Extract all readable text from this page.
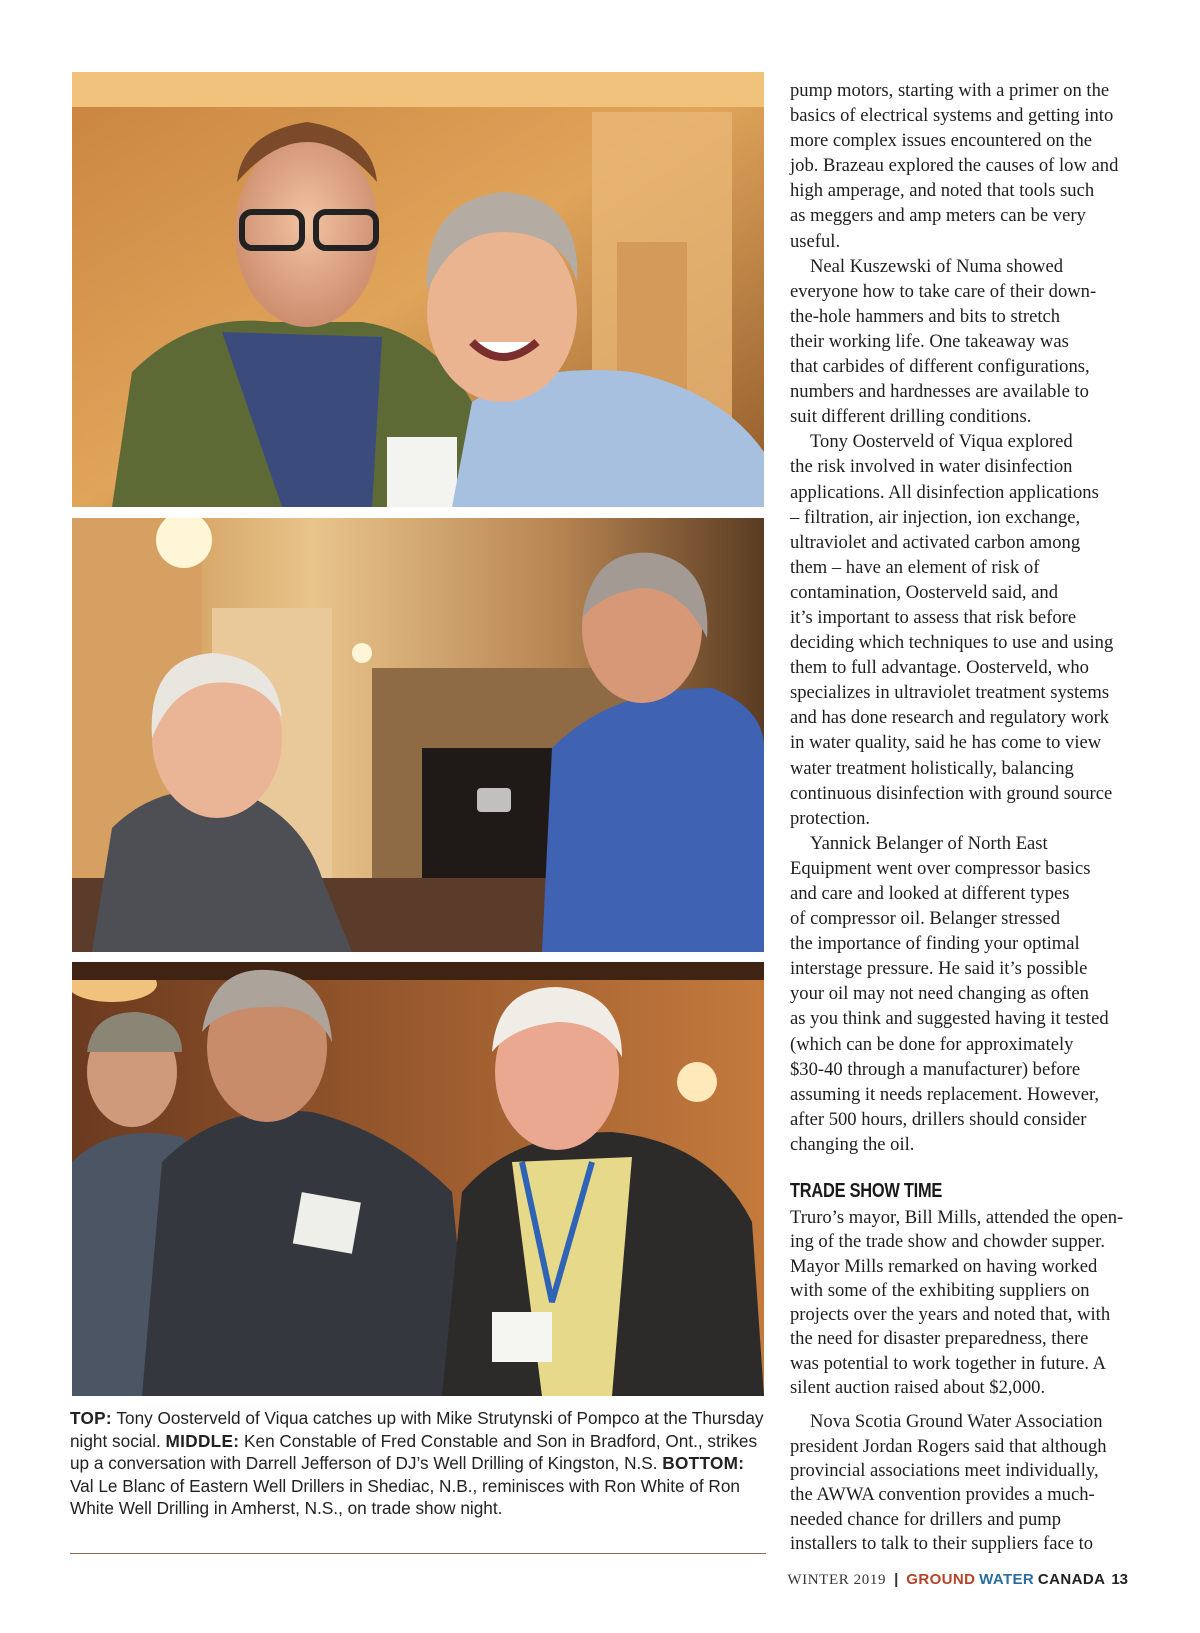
TOP: Tony Oosterveld of Viqua catches up with Mike Strutynski of Pompco at the Thursday night social. MIDDLE: Ken Constable of Fred Constable and Son in Bradford, Ont., strikes up a conversation with Darrell Jefferson of DJ’s Well Drilling of Kingston, N.S. BOTTOM: Val Le Blanc of Eastern Well Drillers in Shediac, N.B., reminisces with Ron White of Ron White Well Drilling in Amherst, N.S., on trade show night.

pump motors, starting with a primer on the
basics of electrical systems and getting into
more complex issues encountered on the
job. Brazeau explored the causes of low and
high amperage, and noted that tools such
as meggers and amp meters can be very
useful.
Neal Kuszewski of Numa showed
everyone how to take care of their down-
the-hole hammers and bits to stretch
their working life. One takeaway was
that carbides of different configurations,
numbers and hardnesses are available to
suit different drilling conditions.
Tony Oosterveld of Viqua explored
the risk involved in water disinfection
applications. All disinfection applications
– filtration, air injection, ion exchange,
ultraviolet and activated carbon among
them – have an element of risk of
contamination, Oosterveld said, and
it’s important to assess that risk before
deciding which techniques to use and using
them to full advantage. Oosterveld, who
specializes in ultraviolet treatment systems
and has done research and regulatory work
in water quality, said he has come to view
water treatment holistically, balancing
continuous disinfection with ground source
protection.
Yannick Belanger of North East
Equipment went over compressor basics
and care and looked at different types
of compressor oil. Belanger stressed
the importance of finding your optimal
interstage pressure. He said it’s possible
your oil may not need changing as often
as you think and suggested having it tested
(which can be done for approximately
$30-40 through a manufacturer) before
assuming it needs replacement. However,
after 500 hours, drillers should consider
changing the oil.
TRADE SHOW TIME
Truro’s mayor, Bill Mills, attended the open-
ing of the trade show and chowder supper.
Mayor Mills remarked on having worked
with some of the exhibiting suppliers on
projects over the years and noted that, with
the need for disaster preparedness, there
was potential to work together in future. A
silent auction raised about $2,000.
Nova Scotia Ground Water Association
president Jordan Rogers said that although
provincial associations meet individually,
the AWWA convention provides a much-
needed chance for drillers and pump
installers to talk to their suppliers face to
WINTER 2019 | GROUND WATER CANADA 13
